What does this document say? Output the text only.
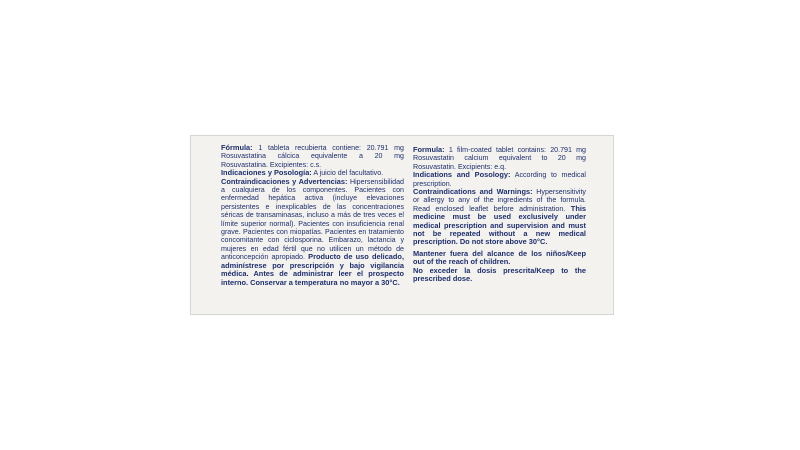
Fórmula: 1 tableta recubierta contiene: 20.791 mg Rosuvastatina cálcica equivalente a 20 mg Rosuvastatina. Excipientes: c.s.

Indicaciones y Posología: A juicio del facultativo.

Contraindicaciones y Advertencias: Hipersensibilidad a cualquiera de los componentes. Pacientes con enfermedad hepática activa (incluye elevaciones persistentes e inexplicables de las concentraciones séricas de transaminasas, incluso a más de tres veces el límite superior normal). Pacientes con insuficiencia renal grave. Pacientes con miopatías. Pacientes en tratamiento concomitante con ciclosporina. Embarazo, lactancia y mujeres en edad fértil que no utilicen un método de anticoncepción apropiado. Producto de uso delicado, adminístrese por prescripción y bajo vigilancia médica. Antes de administrar leer el prospecto interno. Conservar a temperatura no mayor a 30°C.

Formula: 1 film-coated tablet contains: 20.791 mg Rosuvastatin calcium equivalent to 20 mg Rosuvastatin. Excipients: e.q.

Indications and Posology: According to medical prescription.

Contraindications and Warnings: Hypersensitivity or allergy to any of the ingredients of the formula. Read enclosed leaflet before administration. This medicine must be used exclusively under medical prescription and supervision and must not be repeated without a new medical prescription. Do not store above 30°C.

Mantener fuera del alcance de los niños/Keep out of the reach of children.

No exceder la dosis prescrita/Keep to the prescribed dose.
